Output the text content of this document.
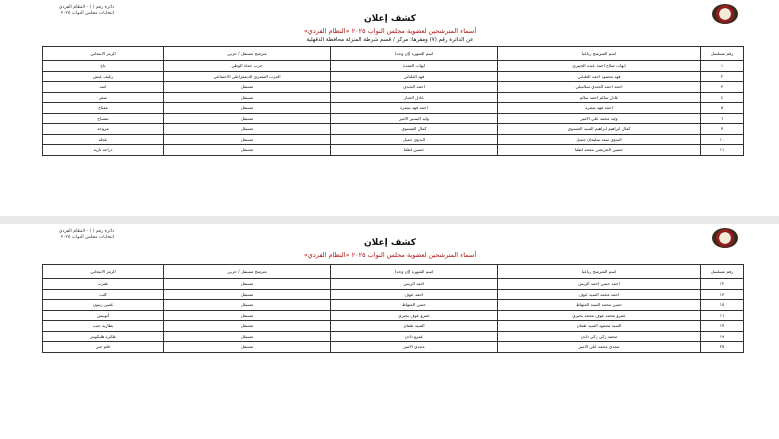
دائرة رقم ( ) - النظام الفردي
انتخابات مجلس النواب ٢٠٢٥
كشف إعلان
أسماء المترشحين لعضوية مجلس النواب ٢٠٢٥ «النظام الفردي»
عن الدائرة رقم (٧) ومقرها: مركز / قسم شرطة المنزلة محافظة الدقهلية
رقم مسلسل	اسم المترشح رباعيا	اسم الشهرة (إن وجد)	مترشح مستقل / حزبي	الرمز الانتخابي
١	ايهاب صلاح احمد عبده الحبيري	ايهاب العمدة	حزب حماة الوطن	تاج
٢	فهد محمود احمد الغلباني	فهد الغلباني	الحزب المصري الديمقراطي الاجتماعي	رغيف عيش
٣	احمد احمد الجندي سلاميلي	احمد الجندي	مستقل	اسد
٤	عادل سالم احمد سالم	عادل الجبار	مستقل	صقر
٥	احمد فهد سمرة	احمد فهد سمرة	مستقل	مفتاح
٦	وليد محمد علي الامير	وليد اليسير الامير	مستقل	تمساح
٧	كمال ابراهيم ابراهيم السيد العيسوي	كمال العيسوي	مستقل	مروحة
١٠	البدوي سعد سليمان جميل	البدوي جميل	مستقل	عجلة
١١	حسين الجريشي محمد لطفا	حسين لطفا	مستقل	دراجة نارية
دائرة رقم ( ) - النظام الفردي
انتخابات مجلس النواب ٢٠٢٥
كشف إعلان
أسماء المترشحين لعضوية مجلس النواب ٢٠٢٥ «النظام الفردي»
رقم مسلسل	اسم المترشح رباعيا	اسم الشهرة (إن وجد)	مترشح مستقل / حزبي	الرمز الانتخابي
١٢	احمد حسن احمد الريس	احمد الريس	مستقل	عقرب
١٣	احمد محمد السيد عوف	احمد عوف	مستقل	كلب
١٥	حسن محمد السيد المنهاط	حسن المنهاط	مستقل	غصن زيتون
١٦	عمرو محمد عوف محمد يحيري	عمرو عوف يحيري	مستقل	أتوبيس
١٧	السيد محمود السيد طمان	السيد طمان	مستقل	بطارية جيب
١٩	محمد زكي زكي دادن	عمرو دادن	مستقل	طائرة هليكوبتر
٢٥	مجدي محمد علي الامير	مجدي الامير	مستقل	قلم حبر
